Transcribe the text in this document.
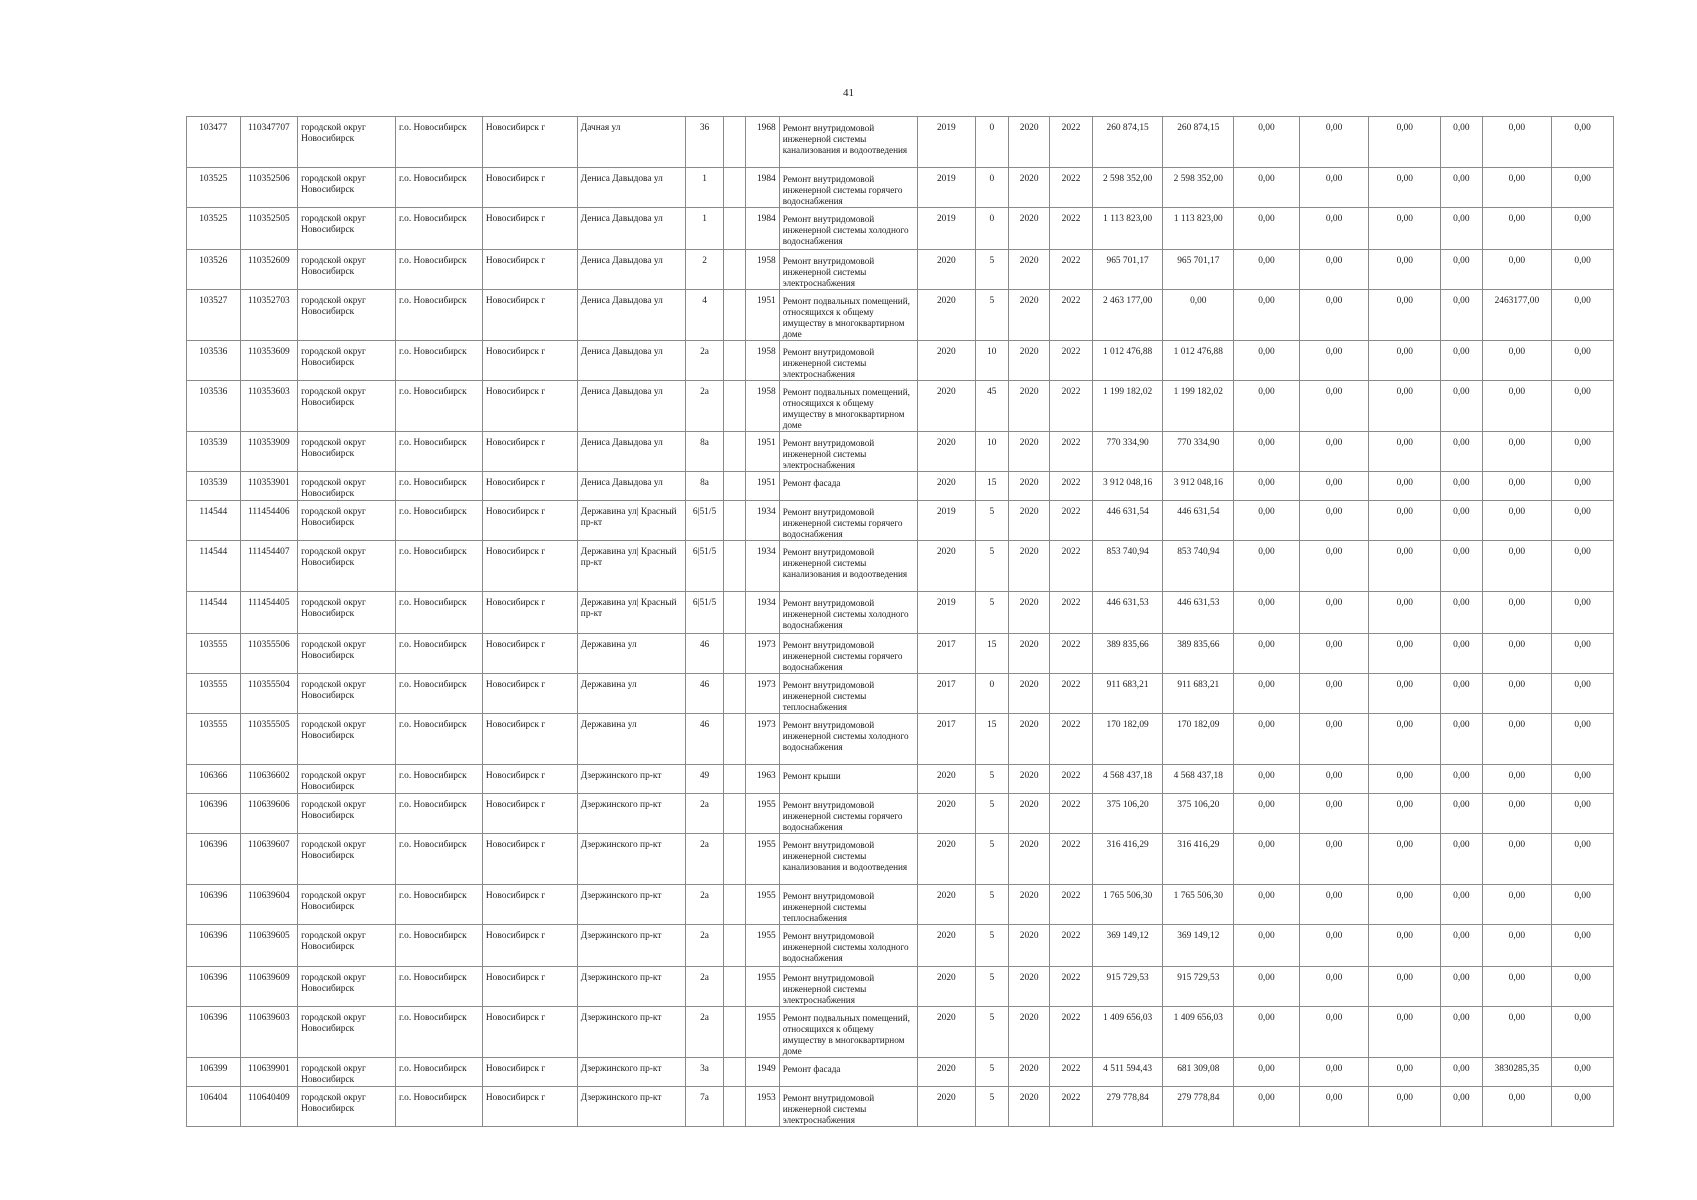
41
103477	110347707	городской округ Новосибирск	г.о. Новосибирск	Новосибирск г	Дачная ул	36		1968	Ремонт внутридомовой инженерной системы канализования и водоотведения	2019	0	2020	2022	260 874,15	260 874,15	0,00	0,00	0,00	0,00	0,00	0,00
103525	110352506	городской округ Новосибирск	г.о. Новосибирск	Новосибирск г	Дениса Давыдова ул	1		1984	Ремонт внутридомовой инженерной системы горячего водоснабжения	2019	0	2020	2022	2 598 352,00	2 598 352,00	0,00	0,00	0,00	0,00	0,00	0,00
103525	110352505	городской округ Новосибирск	г.о. Новосибирск	Новосибирск г	Дениса Давыдова ул	1		1984	Ремонт внутридомовой инженерной системы холодного водоснабжения	2019	0	2020	2022	1 113 823,00	1 113 823,00	0,00	0,00	0,00	0,00	0,00	0,00
103526	110352609	городской округ Новосибирск	г.о. Новосибирск	Новосибирск г	Дениса Давыдова ул	2		1958	Ремонт внутридомовой инженерной системы электроснабжения	2020	5	2020	2022	965 701,17	965 701,17	0,00	0,00	0,00	0,00	0,00	0,00
103527	110352703	городской округ Новосибирск	г.о. Новосибирск	Новосибирск г	Дениса Давыдова ул	4		1951	Ремонт подвальных помещений, относящихся к общему имуществу в многоквартирном доме	2020	5	2020	2022	2 463 177,00	0,00	0,00	0,00	0,00	0,00	2463177,00	0,00
103536	110353609	городской округ Новосибирск	г.о. Новосибирск	Новосибирск г	Дениса Давыдова ул	2а		1958	Ремонт внутридомовой инженерной системы электроснабжения	2020	10	2020	2022	1 012 476,88	1 012 476,88	0,00	0,00	0,00	0,00	0,00	0,00
103536	110353603	городской округ Новосибирск	г.о. Новосибирск	Новосибирск г	Дениса Давыдова ул	2а		1958	Ремонт подвальных помещений, относящихся к общему имуществу в многоквартирном доме	2020	45	2020	2022	1 199 182,02	1 199 182,02	0,00	0,00	0,00	0,00	0,00	0,00
103539	110353909	городской округ Новосибирск	г.о. Новосибирск	Новосибирск г	Дениса Давыдова ул	8а		1951	Ремонт внутридомовой инженерной системы электроснабжения	2020	10	2020	2022	770 334,90	770 334,90	0,00	0,00	0,00	0,00	0,00	0,00
103539	110353901	городской округ Новосибирск	г.о. Новосибирск	Новосибирск г	Дениса Давыдова ул	8а		1951	Ремонт фасада	2020	15	2020	2022	3 912 048,16	3 912 048,16	0,00	0,00	0,00	0,00	0,00	0,00
114544	111454406	городской округ Новосибирск	г.о. Новосибирск	Новосибирск г	Державина ул| Красный пр-кт	6|51/5		1934	Ремонт внутридомовой инженерной системы горячего водоснабжения	2019	5	2020	2022	446 631,54	446 631,54	0,00	0,00	0,00	0,00	0,00	0,00
114544	111454407	городской округ Новосибирск	г.о. Новосибирск	Новосибирск г	Державина ул| Красный пр-кт	6|51/5		1934	Ремонт внутридомовой инженерной системы канализования и водоотведения	2020	5	2020	2022	853 740,94	853 740,94	0,00	0,00	0,00	0,00	0,00	0,00
114544	111454405	городской округ Новосибирск	г.о. Новосибирск	Новосибирск г	Державина ул| Красный пр-кт	6|51/5		1934	Ремонт внутридомовой инженерной системы холодного водоснабжения	2019	5	2020	2022	446 631,53	446 631,53	0,00	0,00	0,00	0,00	0,00	0,00
103555	110355506	городской округ Новосибирск	г.о. Новосибирск	Новосибирск г	Державина ул	46		1973	Ремонт внутридомовой инженерной системы горячего водоснабжения	2017	15	2020	2022	389 835,66	389 835,66	0,00	0,00	0,00	0,00	0,00	0,00
103555	110355504	городской округ Новосибирск	г.о. Новосибирск	Новосибирск г	Державина ул	46		1973	Ремонт внутридомовой инженерной системы теплоснабжения	2017	0	2020	2022	911 683,21	911 683,21	0,00	0,00	0,00	0,00	0,00	0,00
103555	110355505	городской округ Новосибирск	г.о. Новосибирск	Новосибирск г	Державина ул	46		1973	Ремонт внутридомовой инженерной системы холодного водоснабжения	2017	15	2020	2022	170 182,09	170 182,09	0,00	0,00	0,00	0,00	0,00	0,00
106366	110636602	городской округ Новосибирск	г.о. Новосибирск	Новосибирск г	Дзержинского пр-кт	49		1963	Ремонт крыши	2020	5	2020	2022	4 568 437,18	4 568 437,18	0,00	0,00	0,00	0,00	0,00	0,00
106396	110639606	городской округ Новосибирск	г.о. Новосибирск	Новосибирск г	Дзержинского пр-кт	2а		1955	Ремонт внутридомовой инженерной системы горячего водоснабжения	2020	5	2020	2022	375 106,20	375 106,20	0,00	0,00	0,00	0,00	0,00	0,00
106396	110639607	городской округ Новосибирск	г.о. Новосибирск	Новосибирск г	Дзержинского пр-кт	2а		1955	Ремонт внутридомовой инженерной системы канализования и водоотведения	2020	5	2020	2022	316 416,29	316 416,29	0,00	0,00	0,00	0,00	0,00	0,00
106396	110639604	городской округ Новосибирск	г.о. Новосибирск	Новосибирск г	Дзержинского пр-кт	2а		1955	Ремонт внутридомовой инженерной системы теплоснабжения	2020	5	2020	2022	1 765 506,30	1 765 506,30	0,00	0,00	0,00	0,00	0,00	0,00
106396	110639605	городской округ Новосибирск	г.о. Новосибирск	Новосибирск г	Дзержинского пр-кт	2а		1955	Ремонт внутридомовой инженерной системы холодного водоснабжения	2020	5	2020	2022	369 149,12	369 149,12	0,00	0,00	0,00	0,00	0,00	0,00
106396	110639609	городской округ Новосибирск	г.о. Новосибирск	Новосибирск г	Дзержинского пр-кт	2а		1955	Ремонт внутридомовой инженерной системы электроснабжения	2020	5	2020	2022	915 729,53	915 729,53	0,00	0,00	0,00	0,00	0,00	0,00
106396	110639603	городской округ Новосибирск	г.о. Новосибирск	Новосибирск г	Дзержинского пр-кт	2а		1955	Ремонт подвальных помещений, относящихся к общему имуществу в многоквартирном доме	2020	5	2020	2022	1 409 656,03	1 409 656,03	0,00	0,00	0,00	0,00	0,00	0,00
106399	110639901	городской округ Новосибирск	г.о. Новосибирск	Новосибирск г	Дзержинского пр-кт	3а		1949	Ремонт фасада	2020	5	2020	2022	4 511 594,43	681 309,08	0,00	0,00	0,00	0,00	3830285,35	0,00
106404	110640409	городской округ Новосибирск	г.о. Новосибирск	Новосибирск г	Дзержинского пр-кт	7а		1953	Ремонт внутридомовой инженерной системы электроснабжения	2020	5	2020	2022	279 778,84	279 778,84	0,00	0,00	0,00	0,00	0,00	0,00
